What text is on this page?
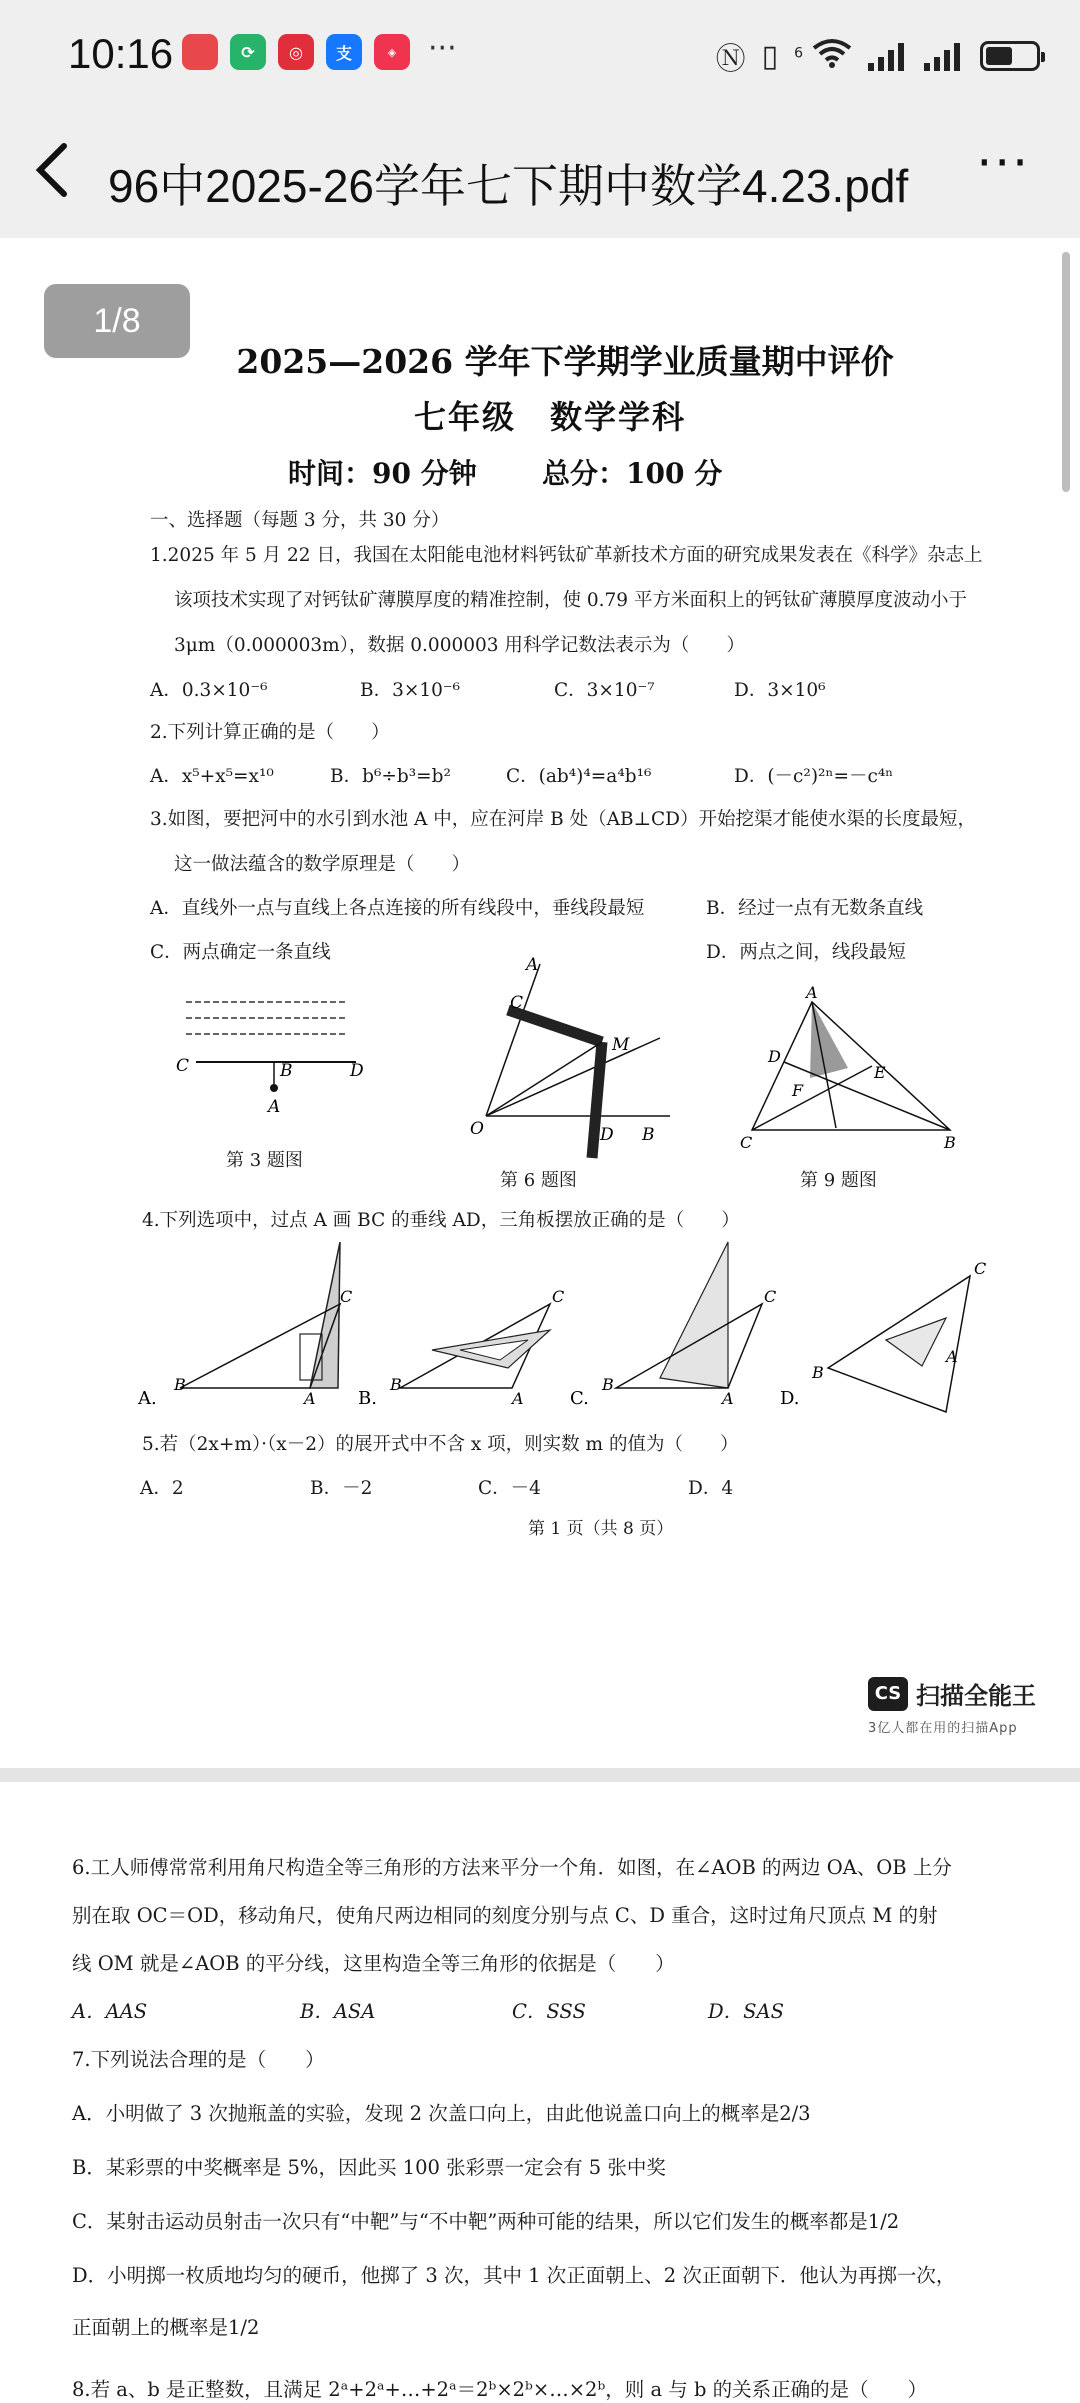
10:16	⟳	◎	支	◈	···	Ⓝ ▯ $^6$
96中2025-26学年七下期中数学4.23.pdf ···
2025—2026 学年下学期学业质量期中评价
七年级　数学学科
时间：90 分钟 总分：100 分
一、选择题（每题 3 分，共 30 分）
1.2025 年 5 月 22 日，我国在太阳能电池材料钙钛矿革新技术方面的研究成果发表在《科学》杂志上
该项技术实现了对钙钛矿薄膜厚度的精准控制，使 0.79 平方米面积上的钙钛矿薄膜厚度波动小于
3μm（0.000003m），数据 0.000003 用科学记数法表示为（　　）
A．0.3×10⁻⁶	B．3×10⁻⁶	C．3×10⁻⁷	D．3×10⁶
2.下列计算正确的是（　　）
A．x⁵+x⁵=x¹⁰	B．b⁶÷b³=b²	C．(ab⁴)⁴=a⁴b¹⁶	D．(－c²)²ⁿ=－c⁴ⁿ
3.如图，要把河中的水引到水池 A 中，应在河岸 B 处（AB⊥CD）开始挖渠才能使水渠的长度最短，
这一做法蕴含的数学原理是（　　）
A．直线外一点与直线上各点连接的所有线段中，垂线段最短	B．经过一点有无数条直线
C．两点确定一条直线	D．两点之间，线段最短
C	B	D
A
第 3 题图
A
C
M
O	D B
第 6 题图
A
D
E
F
C	B
第 9 题图
4.下列选项中，过点 A 画 BC 的垂线 AD，三角板摆放正确的是（　　）
A.
B
C
A B.
B
C
A	C.
B
C
A	D.
B
C
A
5.若（2x+m）·（x－2）的展开式中不含 x 项，则实数 m 的值为（　　）
A．2	B．－2	C．－4	D．4
第 1 页（共 8 页）
CS 扫描全能王
3亿人都在用的扫描App
1/8
6.工人师傅常常利用角尺构造全等三角形的方法来平分一个角．如图，在∠AOB 的两边 OA、OB 上分
别在取 OC＝OD，移动角尺，使角尺两边相同的刻度分别与点 C、D 重合，这时过角尺顶点 M 的射
线 OM 就是∠AOB 的平分线，这里构造全等三角形的依据是（　　）
A．AAS	B．ASA	C．SSS	D．SAS
7.下列说法合理的是（　　）
A．小明做了 3 次抛瓶盖的实验，发现 2 次盖口向上，由此他说盖口向上的概率是2/3
B．某彩票的中奖概率是 5%，因此买 100 张彩票一定会有 5 张中奖
C．某射击运动员射击一次只有“中靶”与“不中靶”两种可能的结果，所以它们发生的概率都是1/2
D．小明掷一枚质地均匀的硬币，他掷了 3 次，其中 1 次正面朝上、2 次正面朝下．他认为再掷一次，
正面朝上的概率是1/2
8.若 a、b 是正整数，且满足 2ᵃ+2ᵃ+…+2ᵃ＝2ᵇ×2ᵇ×…×2ᵇ，则 a 与 b 的关系正确的是（　　）
